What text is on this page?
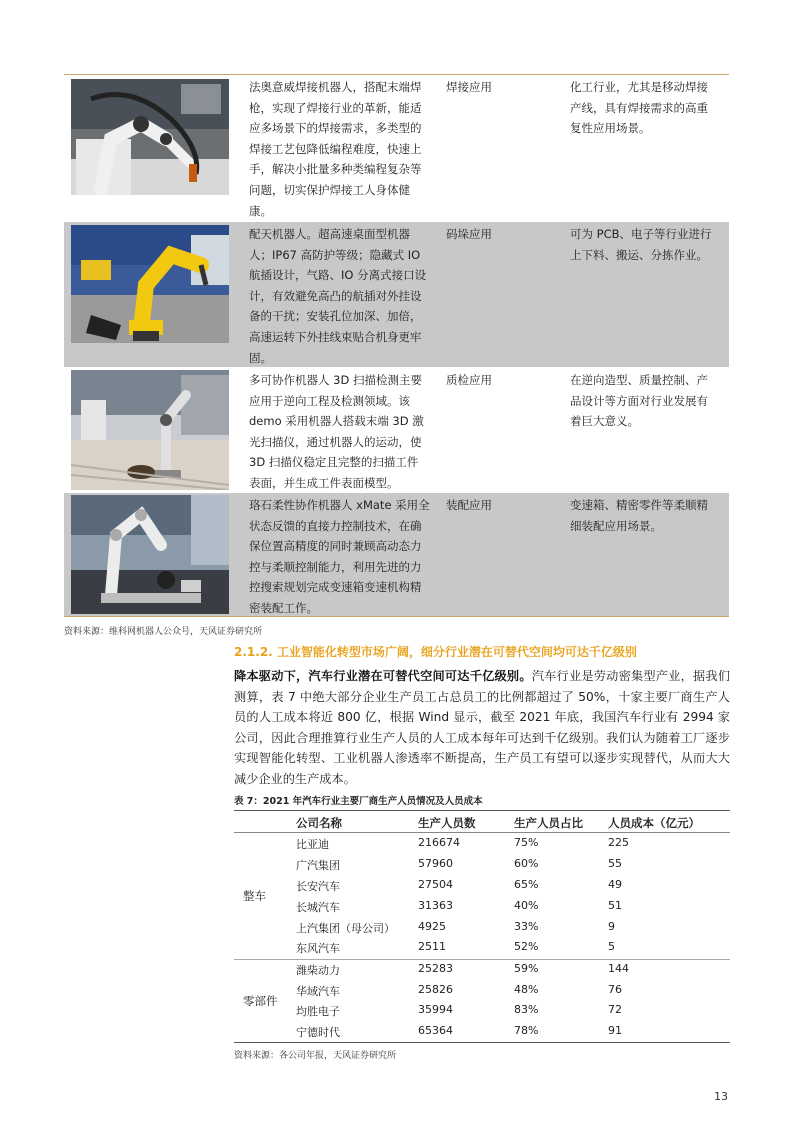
法奥意威焊接机器人，搭配末端焊
枪，实现了焊接行业的革新，能适
应多场景下的焊接需求，多类型的
焊接工艺包降低编程难度，快速上
手，解决小批量多种类编程复杂等
问题，切实保护焊接工人身体健
康。
焊接应用	化工行业，尤其是移动焊接
产线，具有焊接需求的高重
复性应用场景。
配天机器人。超高速桌面型机器
人；IP67 高防护等级；隐藏式 IO
航插设计，气路、IO 分离式接口设
计，有效避免高凸的航插对外挂设
备的干扰；安装孔位加深、加倍，
高速运转下外挂线束贴合机身更牢
固。
码垛应用	可为 PCB、电子等行业进行
上下料、搬运、分拣作业。
多可协作机器人 3D 扫描检测主要
应用于逆向工程及检测领域。该
demo 采用机器人搭载末端 3D 激
光扫描仪，通过机器人的运动，使
3D 扫描仪稳定且完整的扫描工件
表面，并生成工件表面模型。
质检应用	在逆向造型、质量控制、产
品设计等方面对行业发展有
着巨大意义。
珞石柔性协作机器人 xMate 采用全
状态反馈的直接力控制技术，在确
保位置高精度的同时兼顾高动态力
控与柔顺控制能力，利用先进的力
控搜索规划完成变速箱变速机构精
密装配工作。
装配应用	变速箱、精密零件等柔顺精
细装配应用场景。
资料来源：维科网机器人公众号，天风证券研究所
2.1.2. 工业智能化转型市场广阔，细分行业潜在可替代空间均可达千亿级别
降本驱动下，汽车行业潜在可替代空间可达千亿级别。汽车行业是劳动密集型产业，据我们测算，表 7 中绝大部分企业生产员工占总员工的比例都超过了 50%，十家主要厂商生产人员的人工成本将近 800 亿，根据 Wind 显示，截至 2021 年底，我国汽车行业有 2994 家公司，因此合理推算行业生产人员的人工成本每年可达到千亿级别。我们认为随着工厂逐步实现智能化转型、工业机器人渗透率不断提高，生产员工有望可以逐步实现替代，从而大大减少企业的生产成本。
表 7：2021 年汽车行业主要厂商生产人员情况及人员成本
公司名称	生产人员数	生产人员占比 人员成本（亿元）
整车
比亚迪	216674	75%	225
广汽集团	57960	60%	55
长安汽车	27504	65%	49
长城汽车	31363	40%	51
上汽集团（母公司） 4925	33%	9
东风汽车	2511	52%	5
零部件
潍柴动力	25283	59%	144
华域汽车	25826	48%	76
均胜电子	35994	83%	72
宁德时代	65364	78%	91
资料来源：各公司年报，天风证券研究所
13
